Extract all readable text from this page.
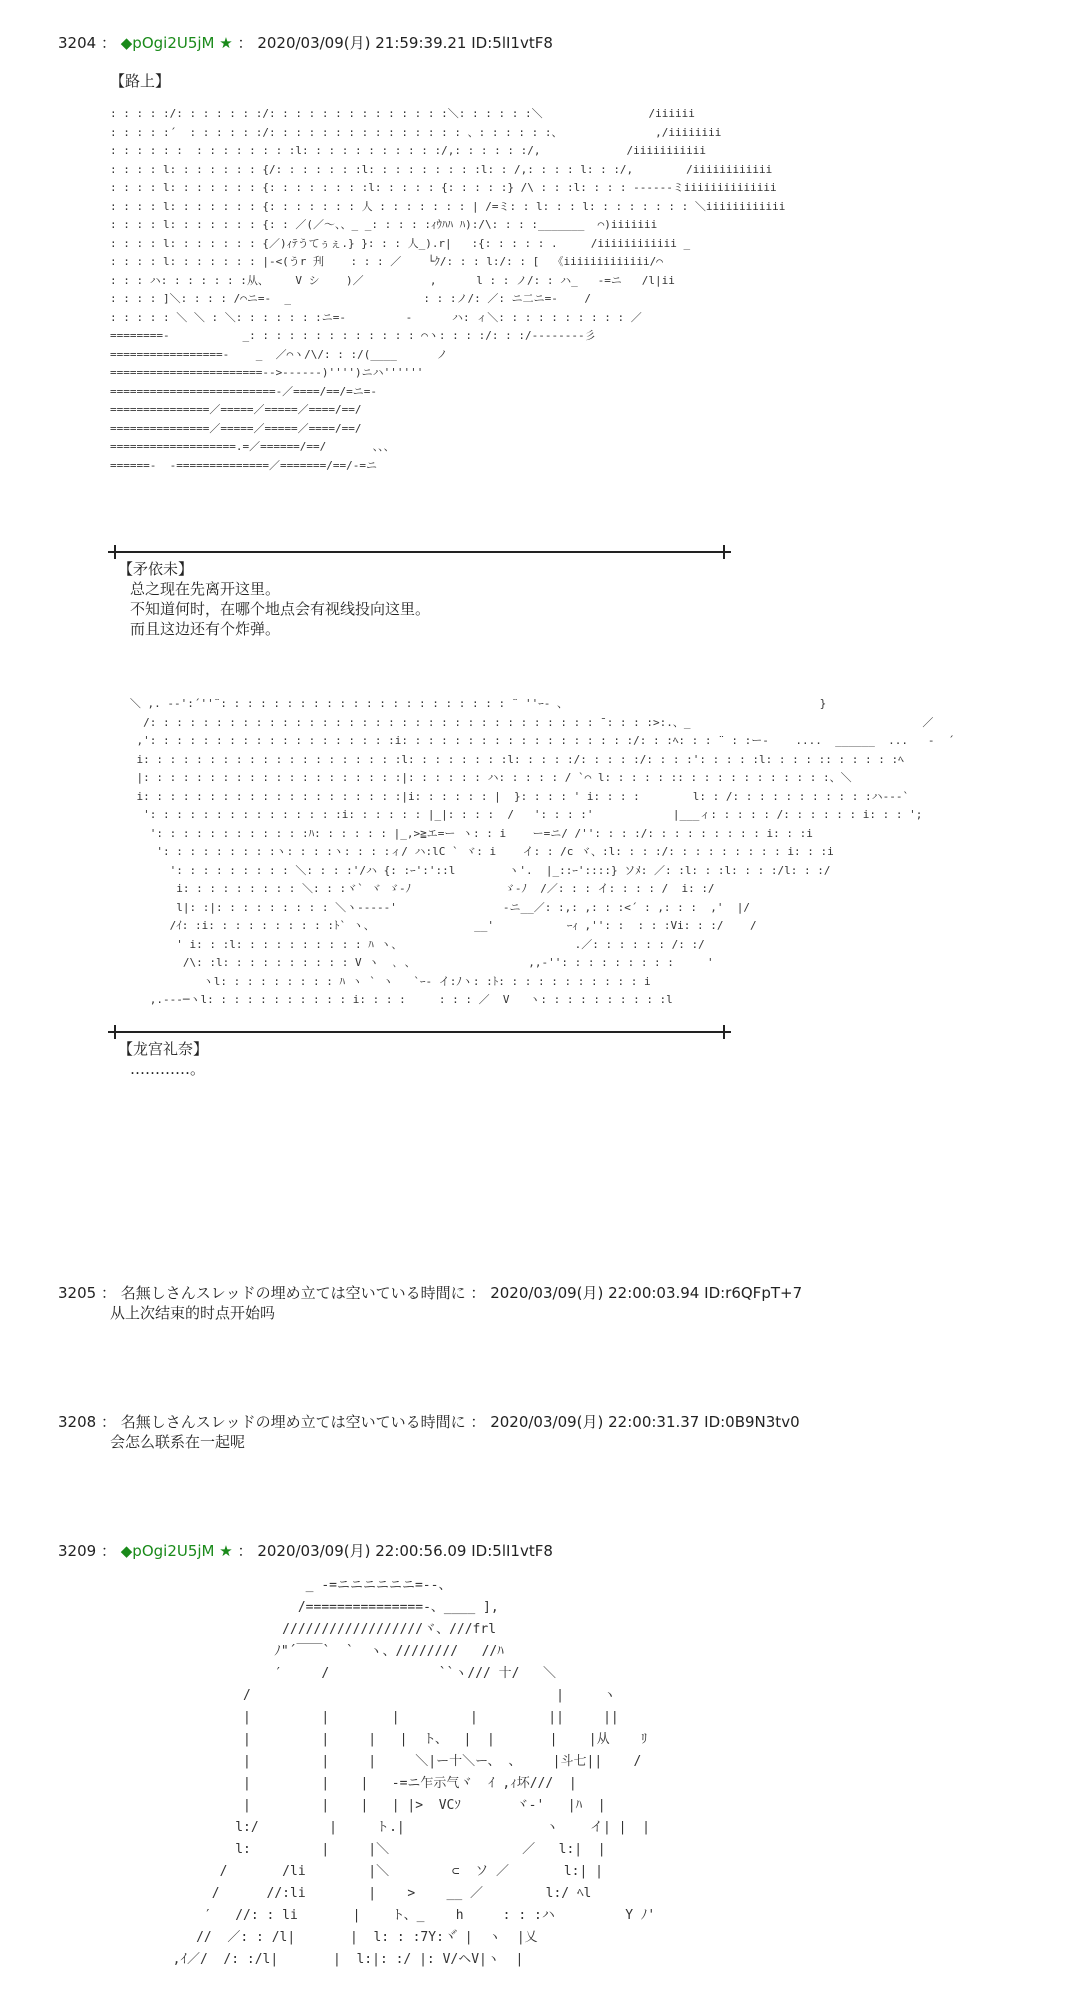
3204 ： ◆pOgi2U5jM ★ ： 2020/03/09(月) 21:59:39.21 ID:5lI1vtF8
【路上】
: : : : :/: : : : : : :/: : : : : : : : : : : : : :＼: : : : : :＼                /iiiiii
: : : : :´  : : : : : :/: : : : : : : : : : : : : : : 、: : : : : :、              ,/iiiiiiii
: : : : : :  : : : : : : : :l: : : : : : : : : : :/,: : : : : :/,             /iiiiiiiiiii
: : : : l: : : : : : : {/: : : : : : :l: : : : : : : : :l: : /,: : : : l: : :/,        /iiiiiiiiiiii
: : : : l: : : : : : : {: : : : : : : :l: : : : : {: : : : :} /\ : : :l: : : : ------ミiiiiiiiiiiiiii
: : : : l: : : : : : : {: : : : : : : 人 : : : : : : : | /=ミ: : l: : : l: : : : : : : : ＼iiiiiiiiiiii
: : : : l: : : : : : : {: : ／(／〜、、_ _: : : : :ｨｳﾊﾊ ﾊ):/\: : : :_______  ⌒)iiiiiii
: : : : l: : : : : : : {／)ｨﾃうてぅぇ.} }: : : 人_).r|   :{: : : : : .     /iiiiiiiiiiii _
: : : : l: : : : : : : |-<(うr 刋    : : : ／    └ｸ/: : : l:/: : [  《iiiiiiiiiiiii/⌒
: : : ハ: : : : : : :从、    V シ    )／          ,      l : : ノ/: : ハ_   -=ニ   /l|ii
: : : : ]＼: : : : /⌒ニ=-  _                    : : :ノ/: ／: ニ二ニ=-    /
: : : : : ＼ ＼ : ＼: : : : : : :ニ=-         -      ハ: ィ＼: : : : : : : : : : ／
========-           _: : : : : : : : : : : : : ⌒ヽ: : : :/: : :/--------彡
=================-    _  ／⌒ヽ/\/: : :/(____      ノ
=======================-->------)'''')ニハ''''''
=========================-／====/==/=ニ=-
===============／=====／=====／====/==/
===============／=====／=====／====/==/
===================.=／======/==/       、、、
======-  -==============／=======/==/-=ニ
【矛依未】
总之现在先离开这里。
不知道何时，在哪个地点会有视线投向这里。
而且这边还有个炸弹。
＼ ,. -‐':´''¨: : : : : : : : : : : : : : : : : : : : : : ¨ ''ｰ- 、                                      }
/: : : : : : : : : : : : : : : : : : : : : : : : : : : : : : : : : : ̄ : : : :>:.、_                                   ／
,': : : : : : : : : : : : : : : : : : :i: : : : : : : : : : : : : : : : : :/: : :ﾍ: : : ¨ : :ー‐    ....  ______  ...   -  ´
i: : : : : : : : : : : : : : : : : : : :l: : : : : : : :l: : : : :/: : : : :/: : : :': : : : :l: : : : :: : : : : :ﾍ
|: : : : : : : : : : : : : : : : : : : :|: : : : : : ハ: : : : : / `⌒ l: : : : : :: : : : : : : : : : : :、＼
i: : : : : : : : : : : : : : : : : : : :|i: : : : : : |  }: : : : ' i: : : :        l: : /: : : : : : : : : : :ハ--‐`
': : : : : : : : : : : : : : :i: : : : : : |_|: : : :  /   ': : : :'            |___ィ: : : : : /: : : : : : i: : : ';
': : : : : : : : : : : :ﾊ: : : : : : |_,>≧エ=ー ヽ: : i    ー=ニ/ /'': : : :/: : : : : : : : : i: : :i
': : : : : : : : :ヽ: : : :ヽ: : : :ィ/ ハ:lC ` ヾ: i    イ: : /c ヾ、:l: : : :/: : : : : : : : : i: : :i
': : : : : : : : : ＼: : : :'/ハ {: :ｰ':'::l        ヽ'.  |_::ｰ'::::} ソﾒ: ／: :l: : :l: : : :/l: : :/
i: : : : : : : : : ＼: : :ヾ` ヾ ゞ-ﾉ              ゞ-ﾉ  /／: : : イ: : : : /  i: :/
l|: :|: : : : : : : : : ＼ヽ----‐'                -ニ__／: :,: ,: : :<´ : ,: : :  ,'  |/
/ｲ: :i: : : : : : : : : :ﾄ` ヽ、               __'           ｰｨ ,'': :  : : :Vi: : :/    /
' i: : :l: : : : : : : : : : ﾊ ヽ、                          .／: : : : : : /: :/
/\: :l: : : : : : : : : : V ヽ  ､ 、                 ,,-'': : : : : : : : :     '
ヽl: : : : : : : : : ﾊ ヽ ` ヽ   `ｰ- イ:ﾉヽ: :ﾄ: : : : : : : : : : : i
,.---─ヽl: : : : : : : : : : : i: : : :     : : : ／  V   ヽ: : : : : : : : : :l
【龙宫礼奈】
…………。
3205 ： 名無しさんスレッドの埋め立ては空いている時間に ： 2020/03/09(月) 22:00:03.94 ID:r6QFpT+7
从上次结束的时点开始吗
3208 ： 名無しさんスレッドの埋め立ては空いている時間に ： 2020/03/09(月) 22:00:31.37 ID:0B9N3tv0
会怎么联系在一起呢
3209 ： ◆pOgi2U5jM ★ ： 2020/03/09(月) 22:00:56.09 ID:5lI1vtF8
_ -=ニニニニニニ=--、
/===============-、____ ],
//////////////////ヾ、///frl
ﾉ"´￣￣`  `  ヽ、////////   //ﾊ
′     /              ``ヽ/// 十/   ＼
/                                       |     ヽ
|         |        |         |         ||     ||
|         |     |   |  ト、  |  |       |    |从    ﾘ
|         |     |     ＼|ー十＼ー、 、    |斗七||    /
|         |    |   -=ニ乍示气ヾ  ｲ ,ｨ坏///  |
|         |    |   | |>  VCｿ       ヾ‐'   |ﾊ  |
l:/         |     ト.|                  ヽ    イ| |  |
l:         |     |＼                 ／   l:|  |
/       /li        |＼        ⊂  ソ ／       l:| |
/      //:li        |    >    __ ／        l:/ ﾍl
′   //: : li       |    ト、_    h     : : :ハ         Y ﾉ'
//  ／: : /l|       |  l: : :7Y:ヾ゙ |  ヽ  |乂
,ｲ／/  /: :/l|       |  l:|: :/ |: V/ヘV|ヽ  |
